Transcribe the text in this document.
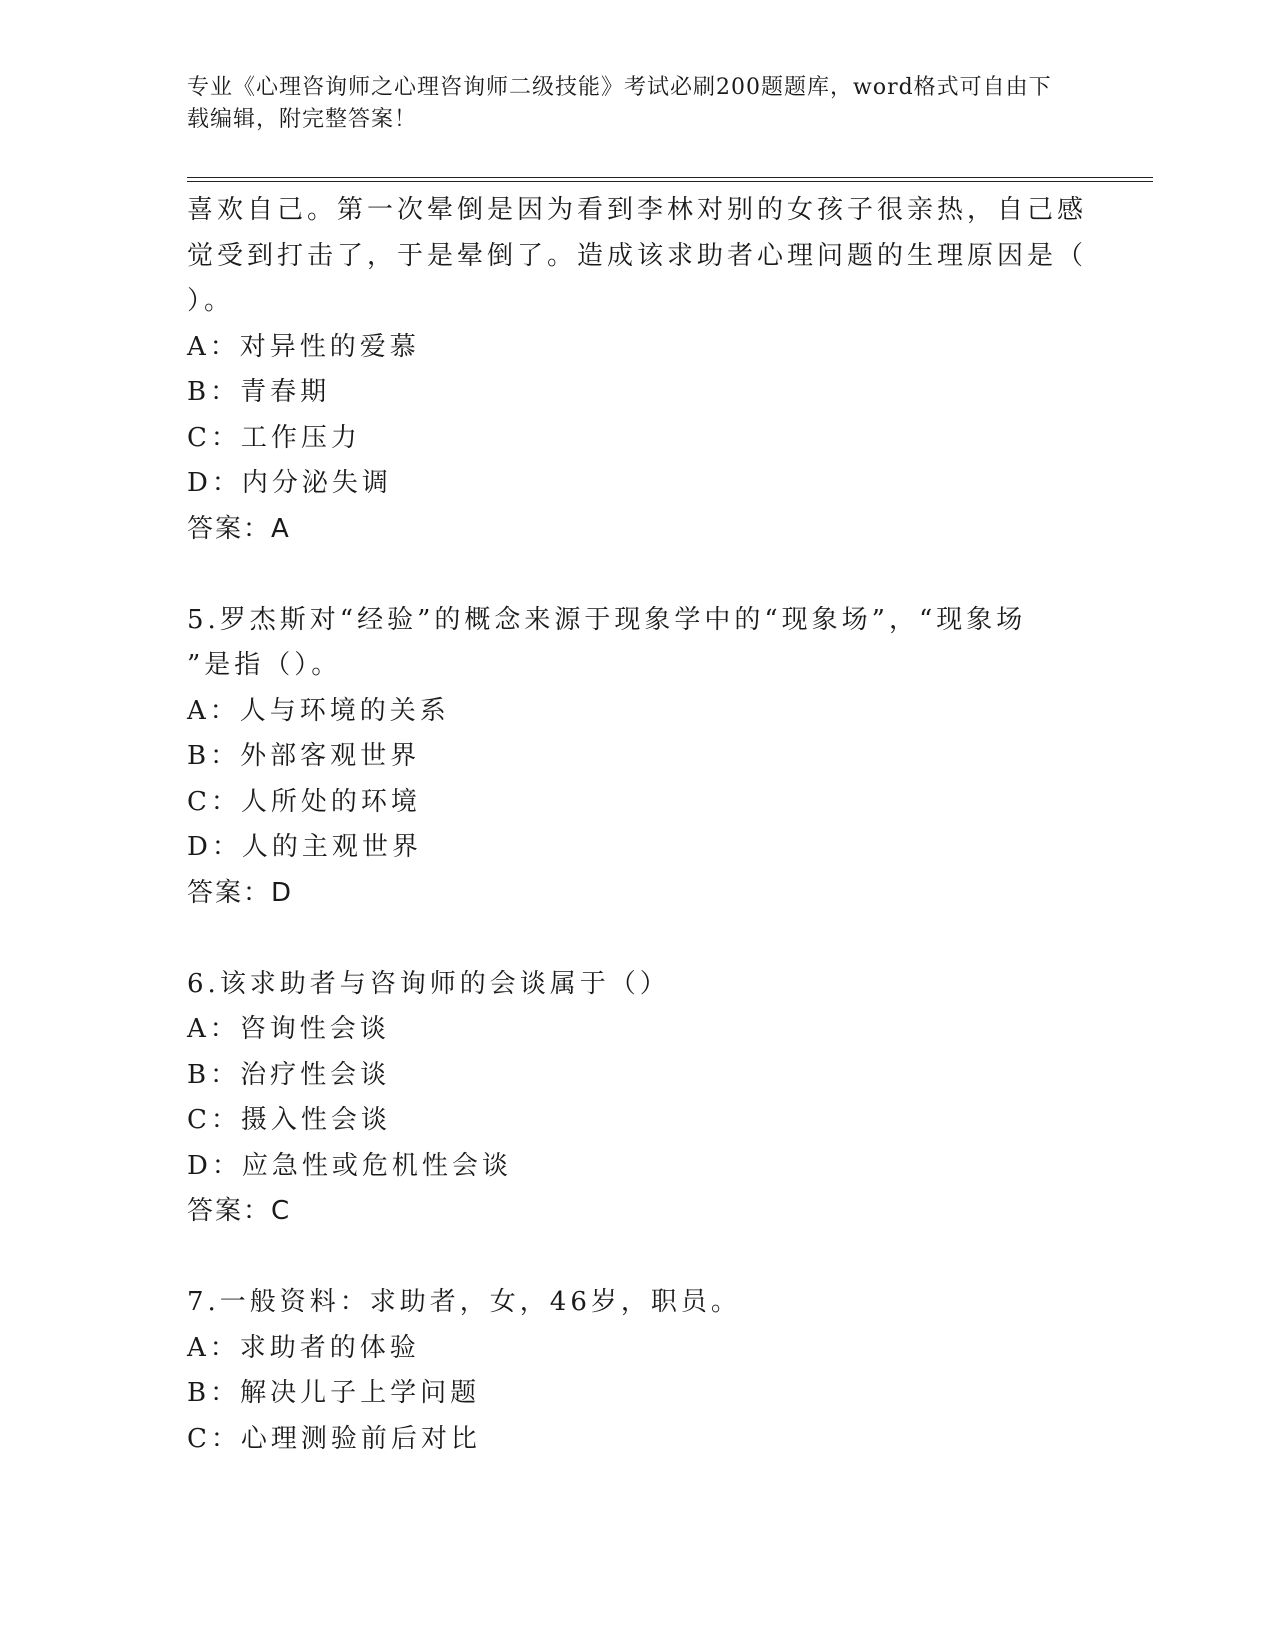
专业《心理咨询师之心理咨询师二级技能》考试必刷200题题库，word格式可自由下载编辑，附完整答案！
喜欢自己。第一次晕倒是因为看到李林对别的女孩子很亲热，自己感
觉受到打击了，于是晕倒了。造成该求助者心理问题的生理原因是（
）。
A：对异性的爱慕
B：青春期
C：工作压力
D：内分泌失调
答案：A
5.罗杰斯对“经验”的概念来源于现象学中的“现象场”，“现象场
”是指（）。
A：人与环境的关系
B：外部客观世界
C：人所处的环境
D：人的主观世界
答案：D
6.该求助者与咨询师的会谈属于（）
A：咨询性会谈
B：治疗性会谈
C：摄入性会谈
D：应急性或危机性会谈
答案：C
7.一般资料：求助者，女，46岁，职员。
A：求助者的体验
B：解决儿子上学问题
C：心理测验前后对比
